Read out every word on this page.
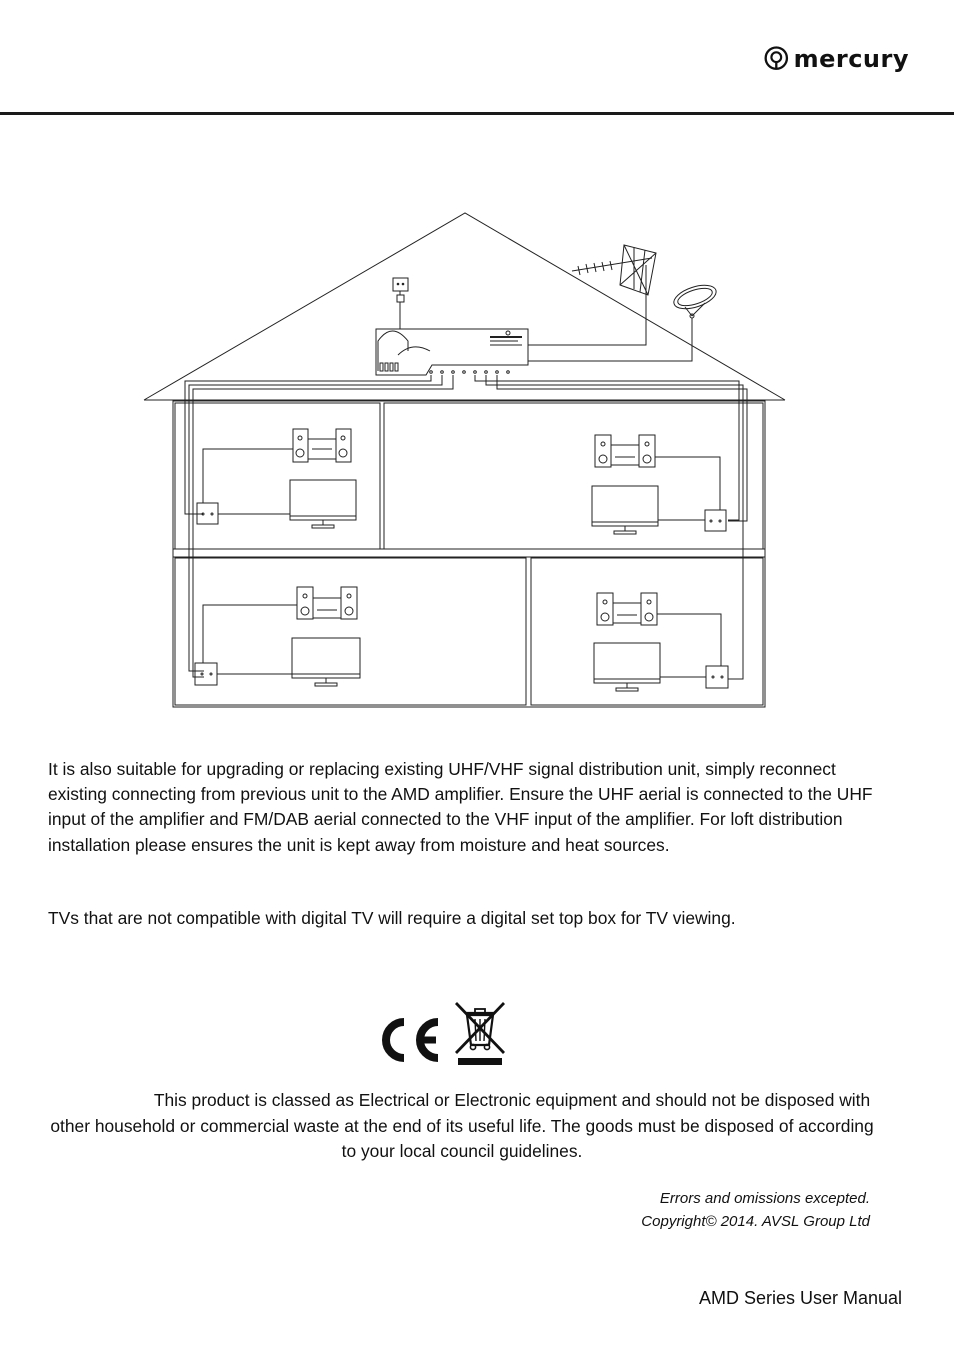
mercury

It is also suitable for upgrading or replacing existing UHF/VHF signal distribution unit, simply reconnect existing connecting from previous unit to the AMD amplifier. Ensure the UHF aerial is connected to the UHF input of the amplifier and FM/DAB aerial connected to the VHF input of the amplifier. For loft distribution installation please ensures the unit is kept away from moisture and heat sources.

TVs that are not compatible with digital TV will require a digital set top box for TV viewing.

This product is classed as Electrical or Electronic equipment and should not be disposed with other household or commercial waste at the end of its useful life. The goods must be disposed of according to your local council guidelines.

Errors and omissions excepted.
Copyright© 2014. AVSL Group Ltd
AMD Series User Manual
